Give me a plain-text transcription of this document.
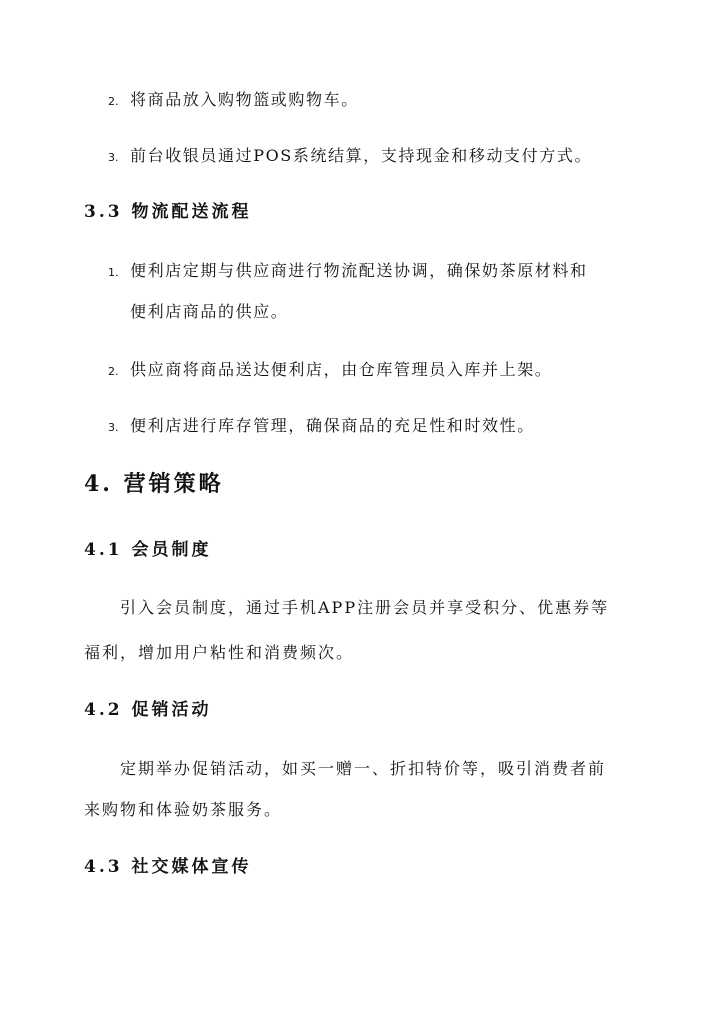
2. 将商品放入购物篮或购物车。
3. 前台收银员通过POS系统结算，支持现金和移动支付方式。
3.3 物流配送流程
1. 便利店定期与供应商进行物流配送协调，确保奶茶原材料和
便利店商品的供应。
2. 供应商将商品送达便利店，由仓库管理员入库并上架。
3. 便利店进行库存管理，确保商品的充足性和时效性。
4. 营销策略
4.1 会员制度
引入会员制度，通过手机APP注册会员并享受积分、优惠券等
福利，增加用户粘性和消费频次。
4.2 促销活动
定期举办促销活动，如买一赠一、折扣特价等，吸引消费者前
来购物和体验奶茶服务。
4.3 社交媒体宣传
